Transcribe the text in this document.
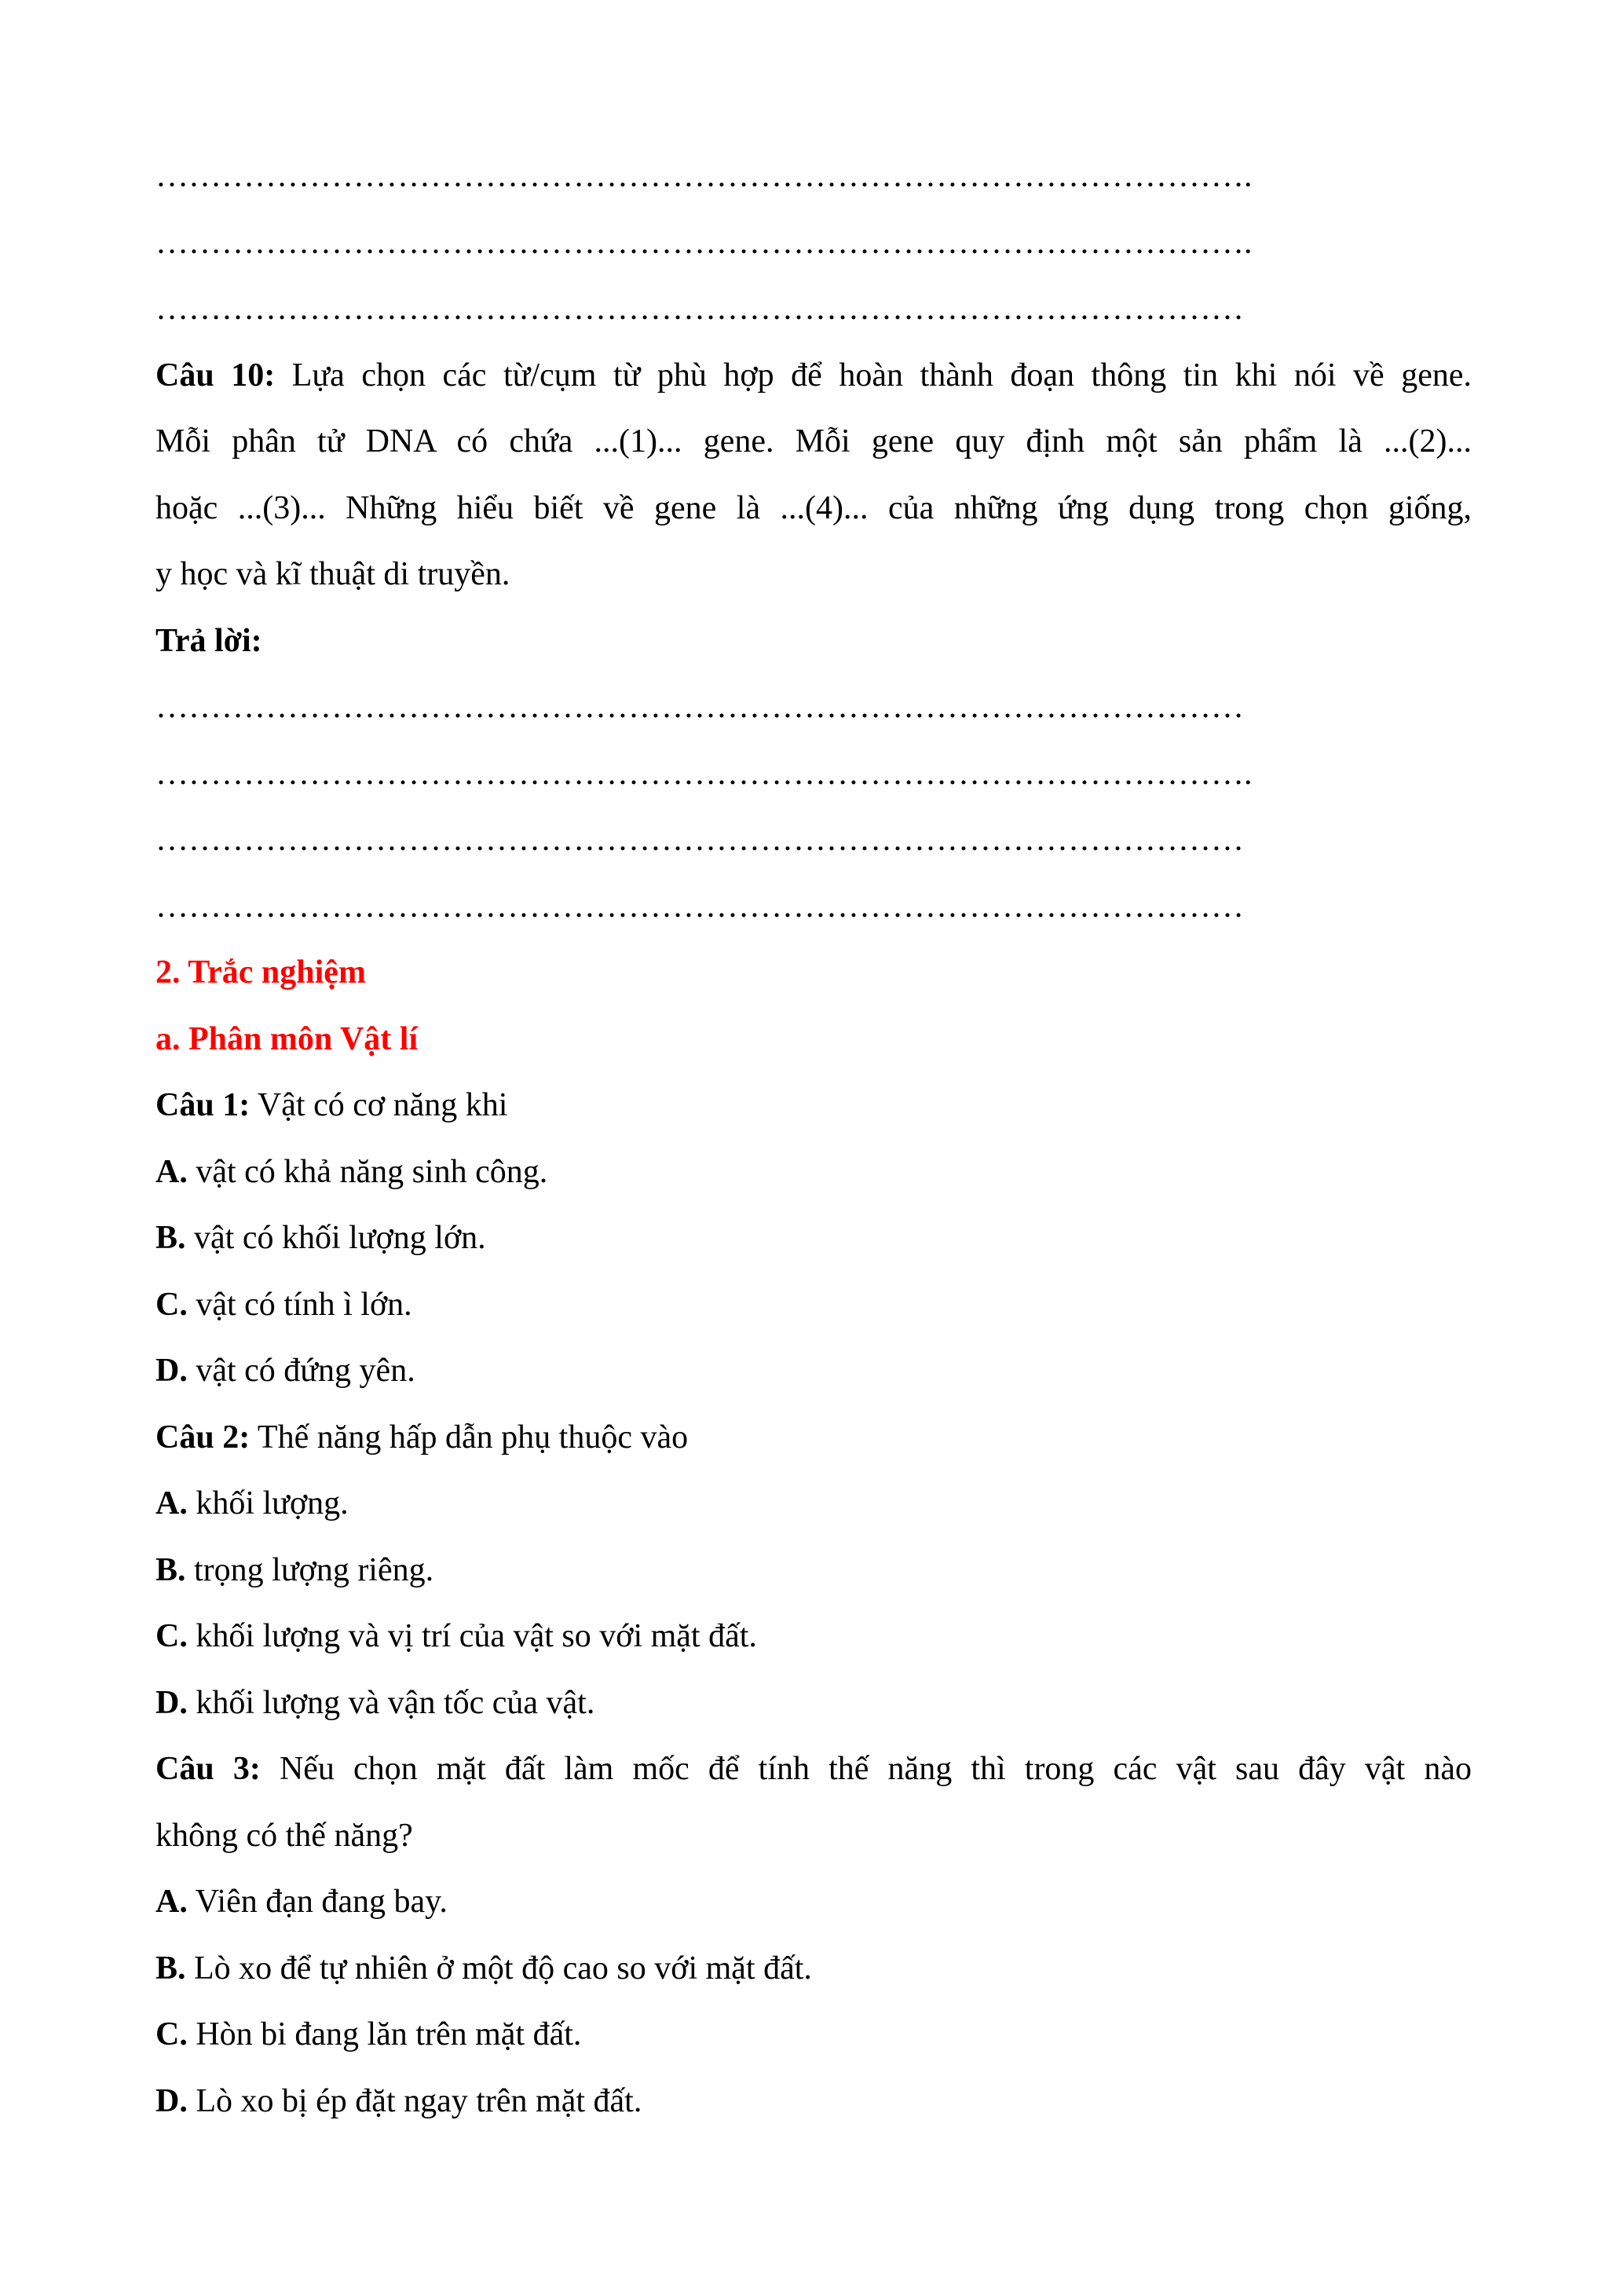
……………………………………………………………………………………….
……………………………………………………………………………………….
………………………………………………………………………………………
Câu 10: Lựa chọn các từ/cụm từ phù hợp để hoàn thành đoạn thông tin khi nói về gene.
Mỗi phân tử DNA có chứa ...(1)... gene. Mỗi gene quy định một sản phẩm là ...(2)...
hoặc ...(3)... Những hiểu biết về gene là ...(4)... của những ứng dụng trong chọn giống,
y học và kĩ thuật di truyền.
Trả lời:
………………………………………………………………………………………
……………………………………………………………………………………….
………………………………………………………………………………………
………………………………………………………………………………………
2. Trắc nghiệm
a. Phân môn Vật lí
Câu 1: Vật có cơ năng khi
A. vật có khả năng sinh công.
B. vật có khối lượng lớn.
C. vật có tính ì lớn.
D. vật có đứng yên.
Câu 2: Thế năng hấp dẫn phụ thuộc vào
A. khối lượng.
B. trọng lượng riêng.
C. khối lượng và vị trí của vật so với mặt đất.
D. khối lượng và vận tốc của vật.
Câu 3: Nếu chọn mặt đất làm mốc để tính thế năng thì trong các vật sau đây vật nào
không có thế năng?
A. Viên đạn đang bay.
B. Lò xo để tự nhiên ở một độ cao so với mặt đất.
C. Hòn bi đang lăn trên mặt đất.
D. Lò xo bị ép đặt ngay trên mặt đất.
